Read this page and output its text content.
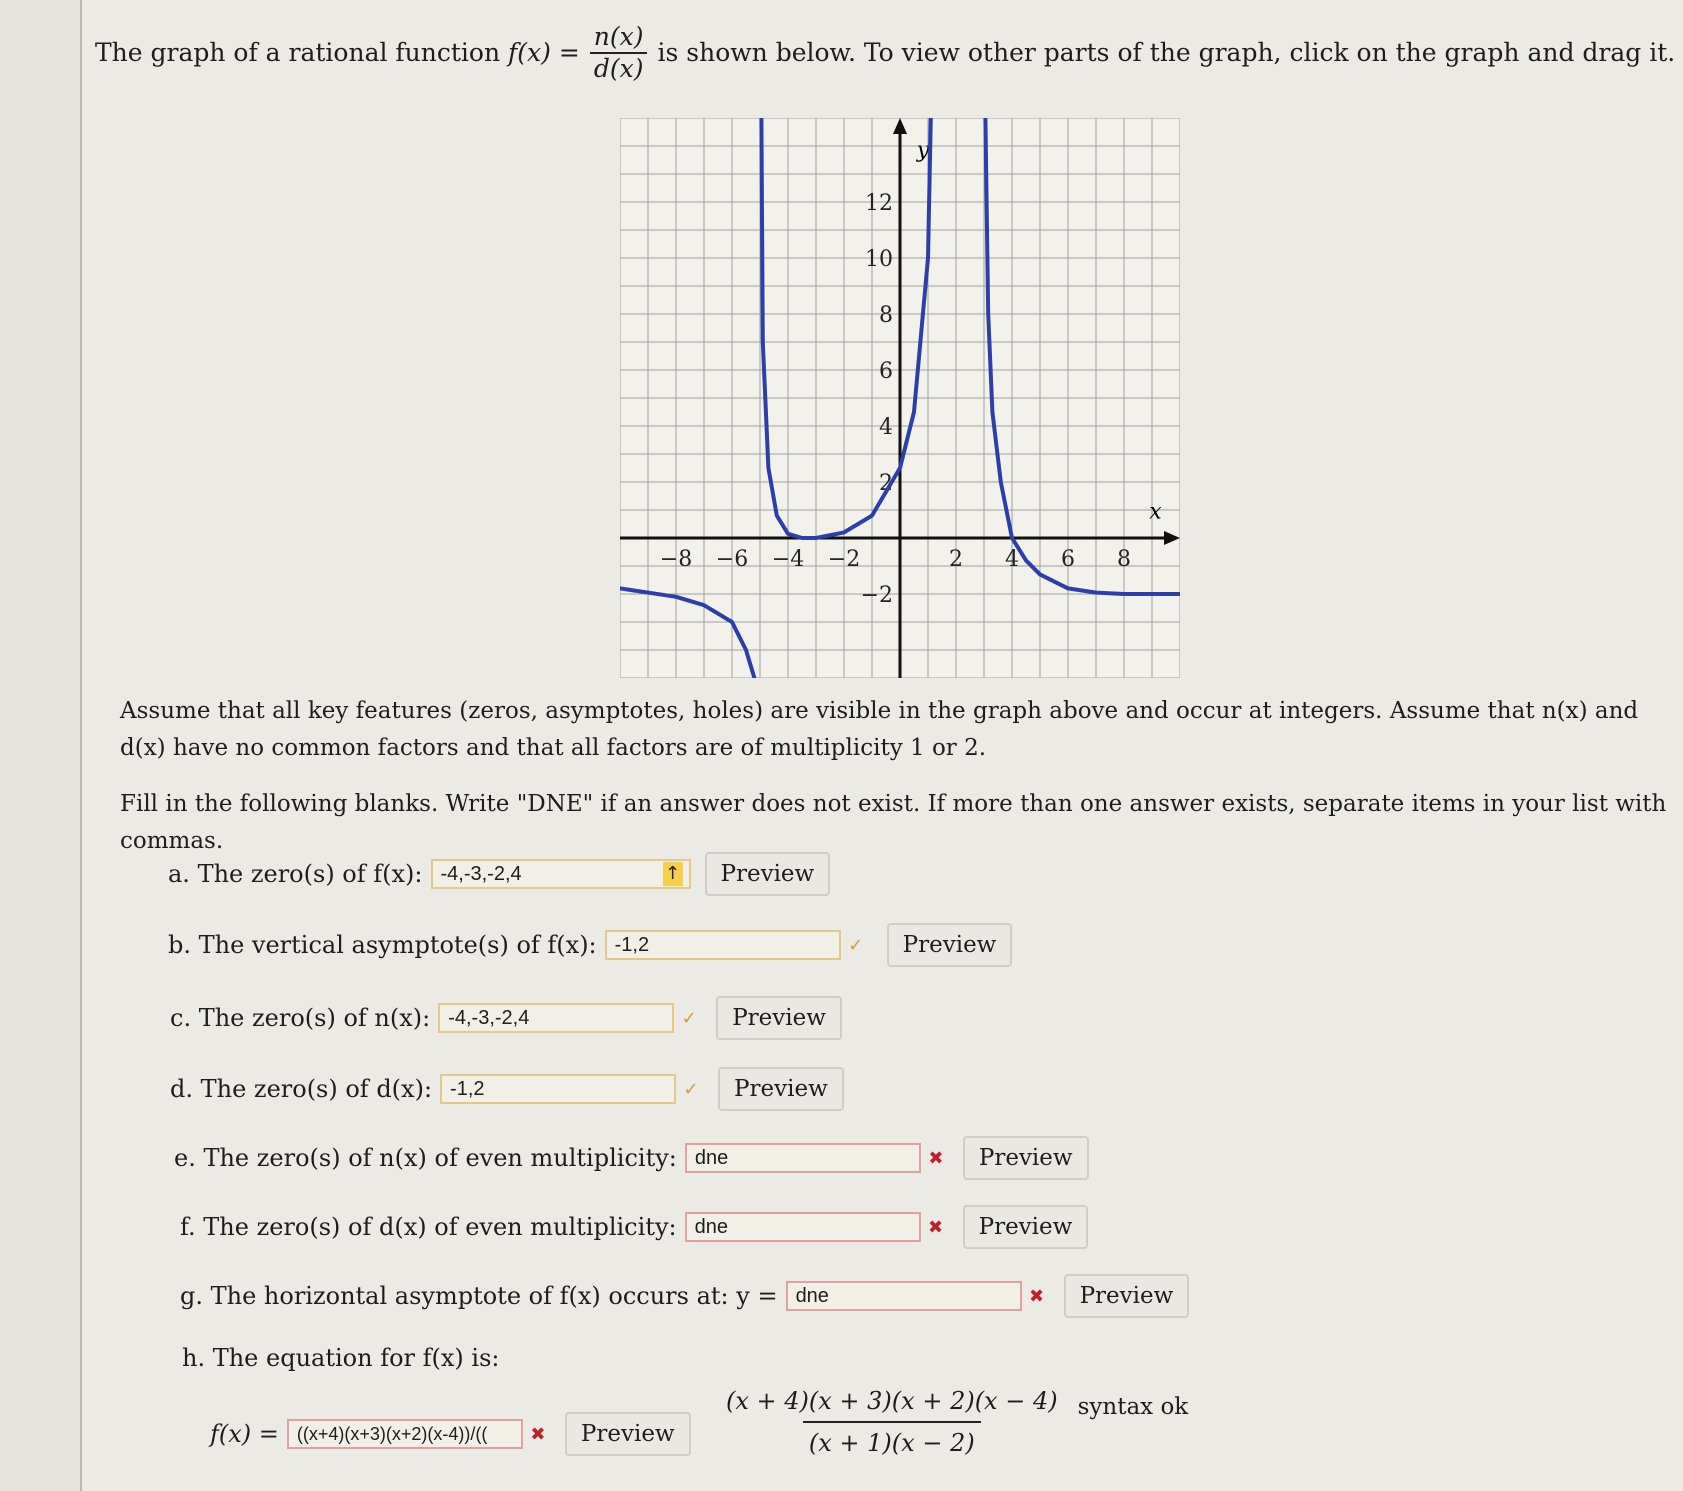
The graph of a rational function
$f(x) = \frac{n(x)}{d(x)}$ is shown below. To view other parts of the graph, click on the graph and drag it.
x
y
−8 −6 −4 −2	2 4 6 8
12
10
8
6
4
2
−2
Assume that all key features (zeros, asymptotes, holes) are visible in the graph above and occur at integers. Assume that n(x) and d(x) have no common factors and that all factors are of multiplicity 1 or 2.
Fill in the following blanks. Write "DNE" if an answer does not exist. If more than one answer exists, separate items in your list with commas.
a. The zero(s) of f(x): -4,-3,-2,4	↑	Preview
b. The vertical asymptote(s) of f(x): -1,2	✓	Preview
c. The zero(s) of n(x): -4,-3,-2,4	✓	Preview
d. The zero(s) of d(x): -1,2	✓	Preview
e. The zero(s) of n(x) of even multiplicity: dne	✖	Preview
f. The zero(s) of d(x) of even multiplicity: dne	✖	Preview
g. The horizontal asymptote of f(x) occurs at: y = dne	✖	Preview
h. The equation for f(x) is:
f(x) =	((x+4)(x+3)(x+2)(x-4))/((	✖	Preview	$\frac{(x + 4)(x + 3)(x + 2)(x - 4)}{(x + 1)(x - 2)}$ syntax ok
